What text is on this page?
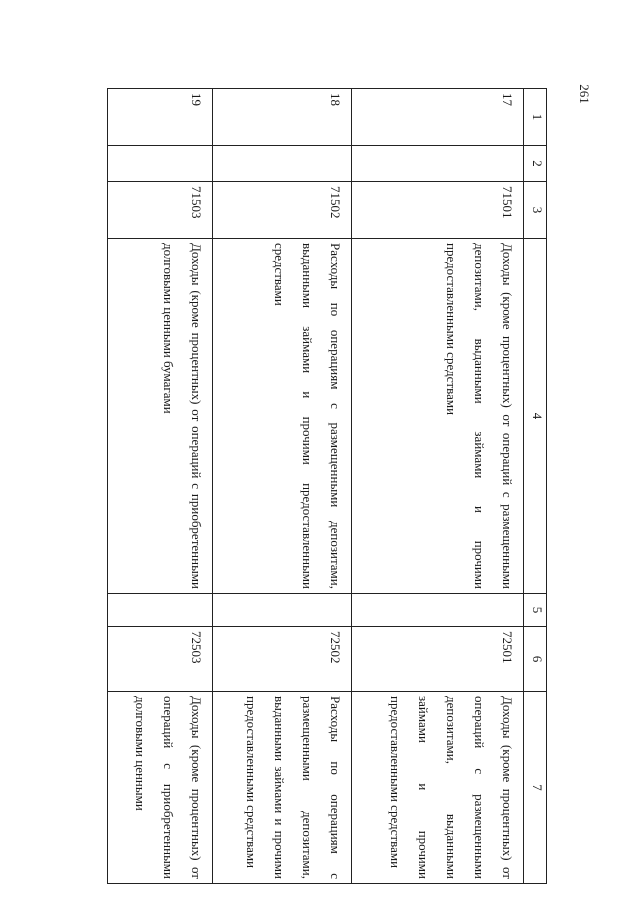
261
1	2	3	4	5	6	7
17		71501	Доходы (кроме процентных) от операций с размещенными депозитами, выданными займами и прочими предоставленными средствами		72501	Доходы (кроме процентных) от операций с размещенными депозитами, выданными займами и прочими предоставленными средствами
18		71502	Расходы по операциям с размещенными депозитами, выданными займами и прочими предоставленными средствами		72502	Расходы по операциям с размещенными депозитами, выданными займами и прочими предоставленными средствами
19		71503	Доходы (кроме процентных) от операций с приобретенными долговыми ценными бумагами		72503	Доходы (кроме процентных) от операций с приобретенными долговыми ценными
